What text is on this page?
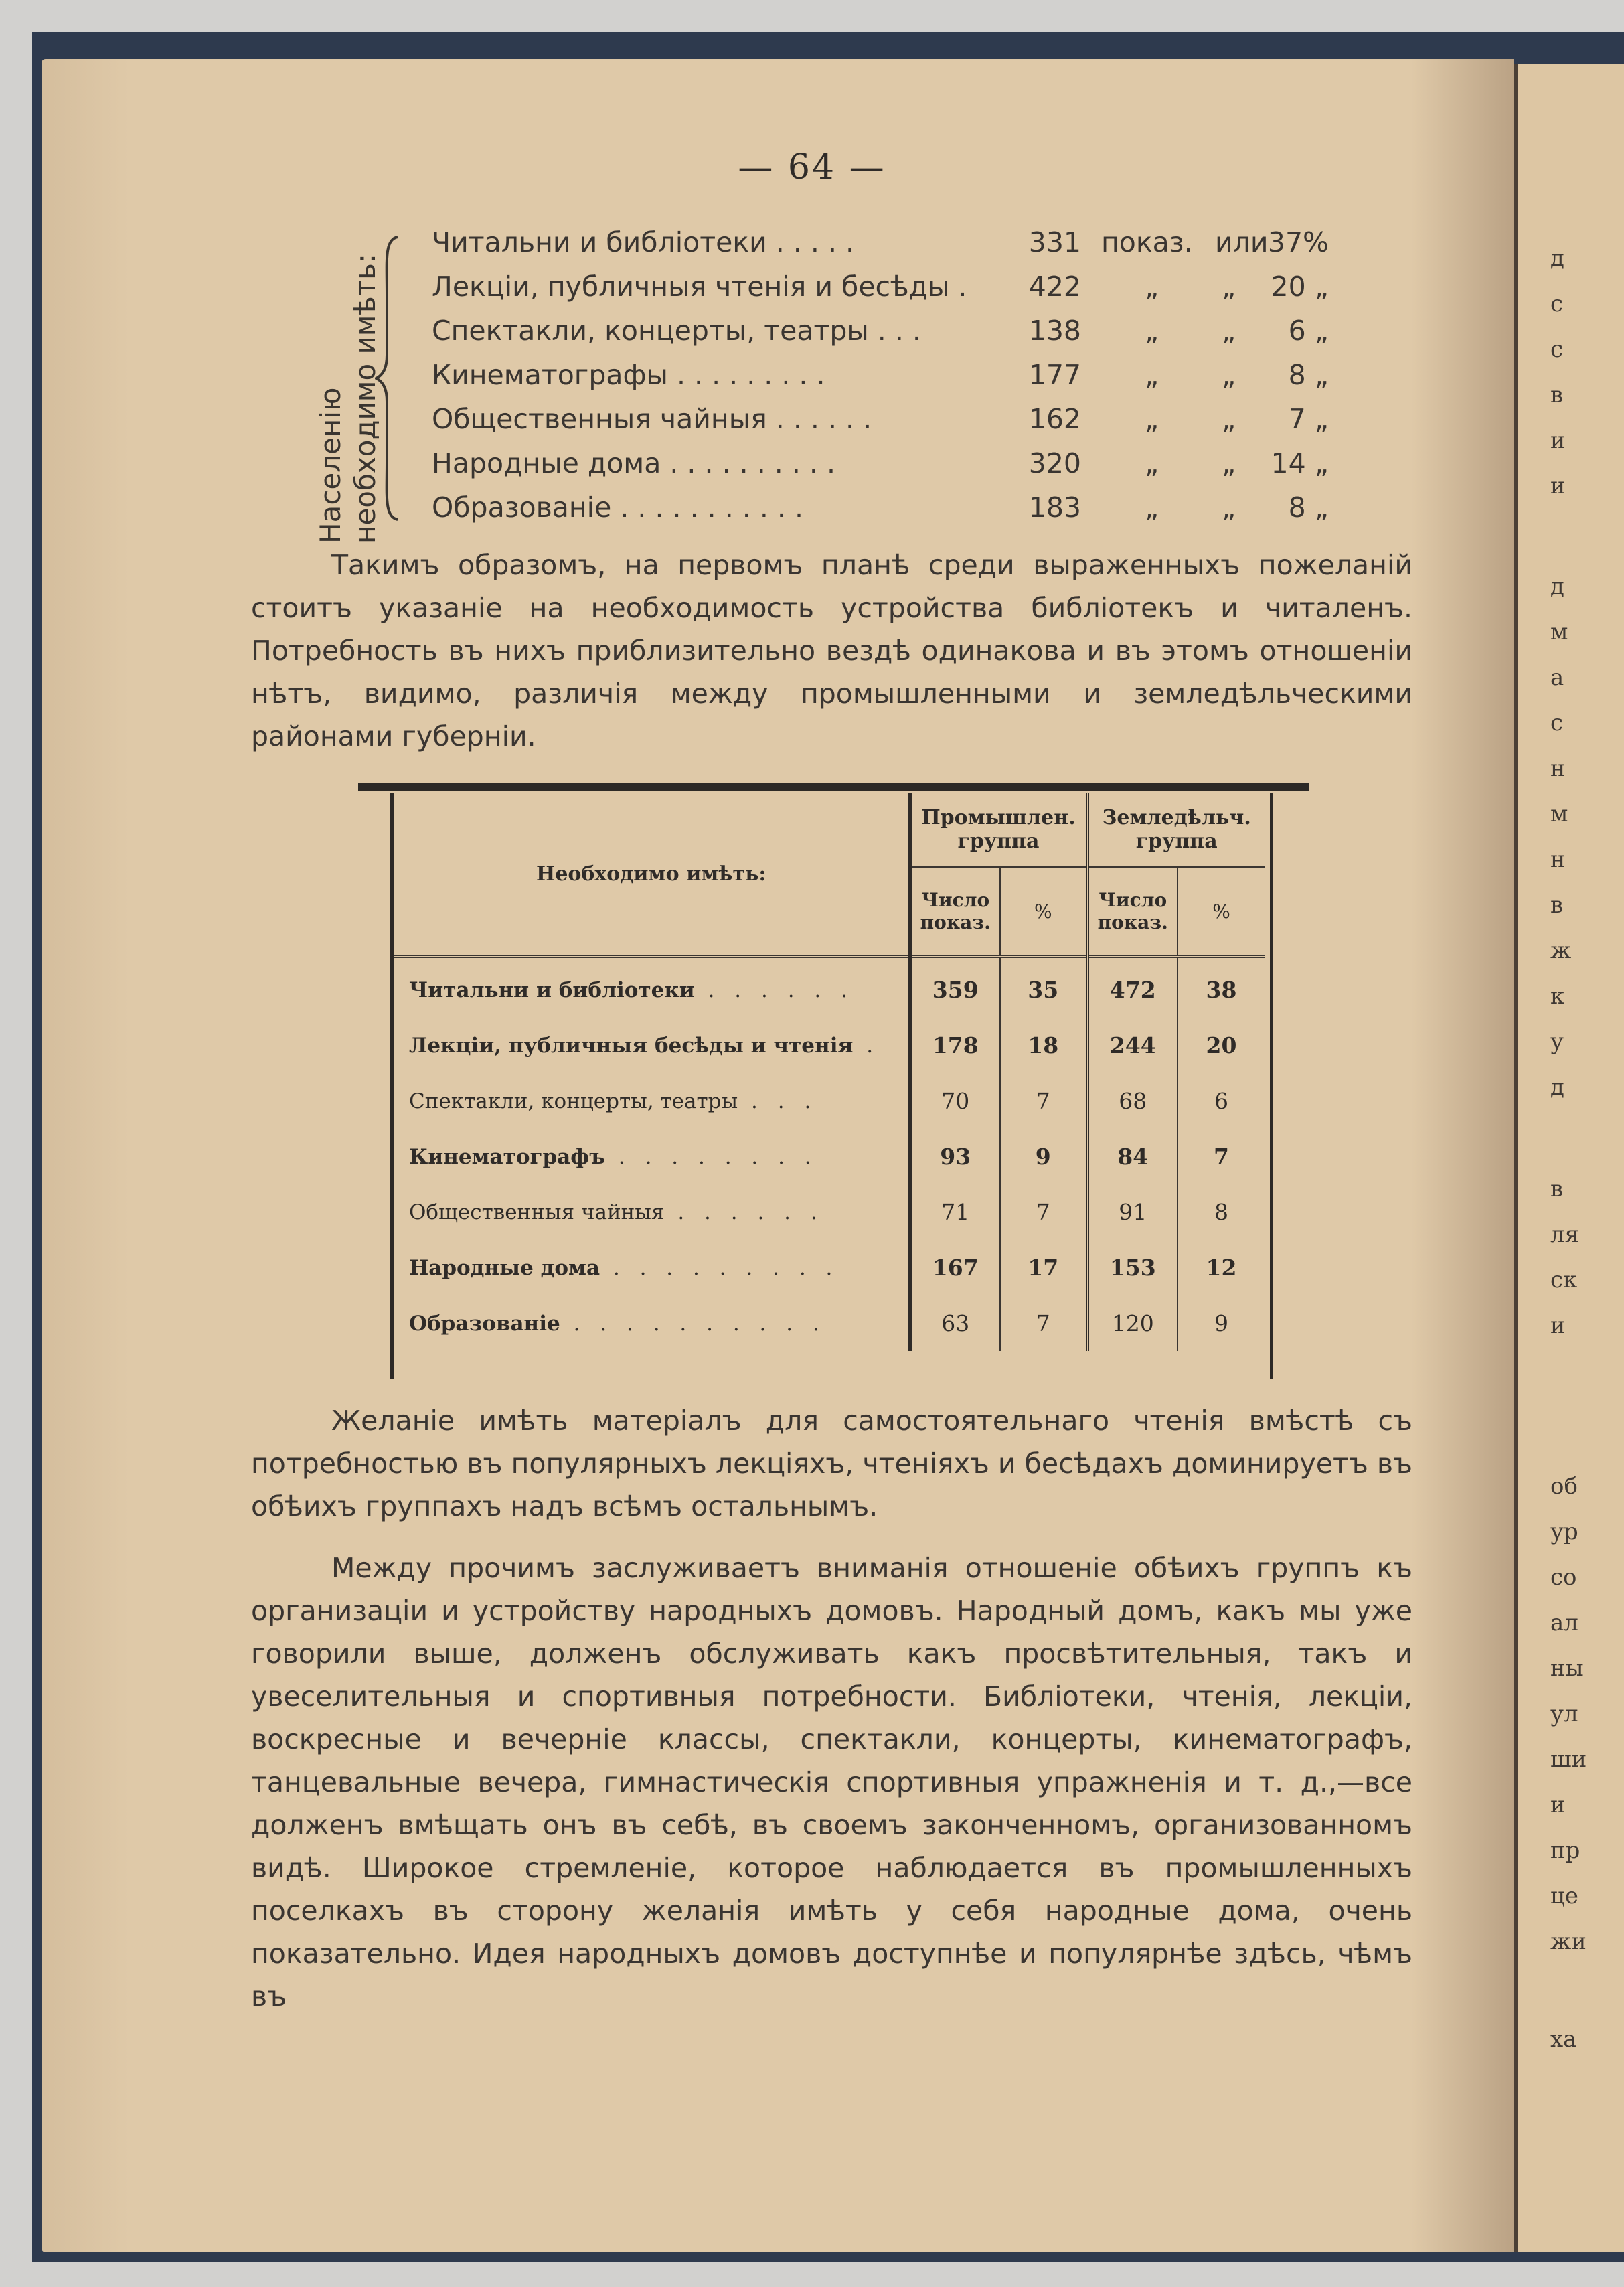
д
с
с
в
и
и
д
м
а
с
н
м
н
в
ж
к
у
д
в
ля
ск
и
об
ур
со
ал
ны
ул
ши
и
пр
це
жи
ха
— 64 —
Населенію необходимо имѣть:
Читальни и библіотеки . . . . .	331 показ. или 37%
Лекціи, публичныя чтенія и бесѣды .	422 „ „	20 „
Спектакли, концерты, театры . . .	138 „ „	6 „
Кинематографы . . . . . . . . .	177 „ „	8 „
Общественныя чайныя . . . . . .	162 „ „	7 „
Народные дома . . . . . . . . . .	320 „ „	14 „
Образованіе . . . . . . . . . . .	183 „ „	8 „

Такимъ образомъ, на первомъ планѣ среди выраженныхъ пожеланій стоитъ указаніе на необходимость устройства библіотекъ и читаленъ. Потребность въ нихъ приблизительно вездѣ одинакова и въ этомъ отношеніи нѣтъ, видимо, различія между промышленными и земледѣльческими районами губерніи.

Необходимо имѣть:	Промышлен. группа		Земледѣльч. группа	
	Число показ.	%	Число показ.	%

Читальни и библіотеки . . . . . .	359	35	472	38
Лекціи, публичныя бесѣды и чтенія .	178	18	244	20
Спектакли, концерты, театры . . .	70	7	68	6
Кинематографъ . . . . . . . .	93	9	84	7
Общественныя чайныя . . . . . .	71	7	91	8
Народные дома . . . . . . . . .	167	17	153	12
Образованіе . . . . . . . . . .	63	7	120	9

Желаніе имѣть матеріалъ для самостоятельнаго чтенія вмѣстѣ съ потребностью въ популярныхъ лекціяхъ, чтеніяхъ и бесѣдахъ доминируетъ въ обѣихъ группахъ надъ всѣмъ остальнымъ.

Между прочимъ заслуживаетъ вниманія отношеніе обѣихъ группъ къ организаціи и устройству народныхъ домовъ. Народный домъ, какъ мы уже говорили выше, долженъ обслуживать какъ просвѣтительныя, такъ и увеселительныя и спортивныя потребности. Библіотеки, чтенія, лекціи, воскресные и вечерніе классы, спектакли, концерты, кинематографъ, танцевальные вечера, гимнастическія спортивныя упражненія и т. д.,—все долженъ вмѣщать онъ въ себѣ, въ своемъ законченномъ, организованномъ видѣ. Широкое стремленіе, которое наблюдается въ промышленныхъ поселкахъ въ сторону желанія имѣть у себя народные дома, очень показательно. Идея народныхъ домовъ доступнѣе и популярнѣе здѣсь, чѣмъ въ
